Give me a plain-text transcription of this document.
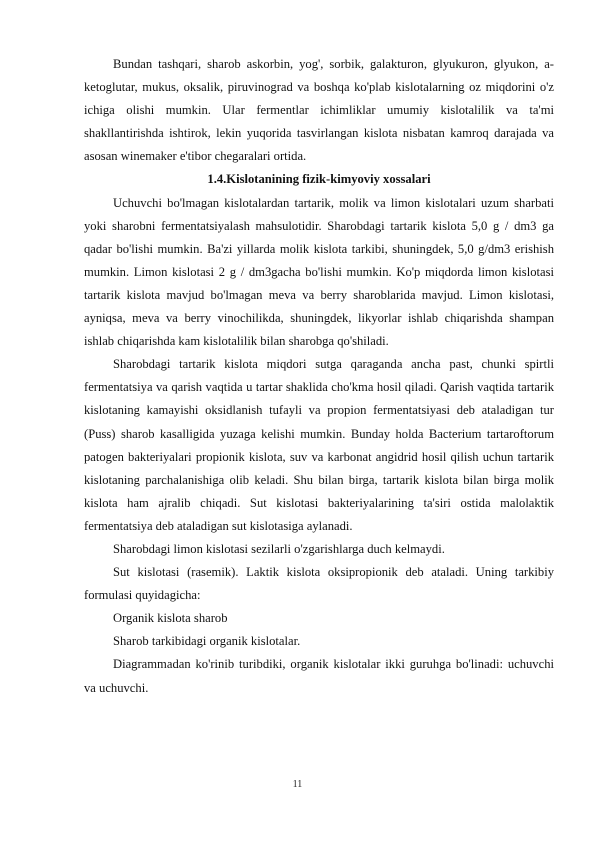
Bundan tashqari, sharob askorbin, yog', sorbik, galakturon, glyukuron, glyukon, a-ketoglutar, mukus, oksalik, piruvinograd va boshqa ko'plab kislotalarning oz miqdorini o'z ichiga olishi mumkin. Ular fermentlar ichimliklar umumiy kislotalilik va ta'mi shakllantirishda ishtirok, lekin yuqorida tasvirlangan kislota nisbatan kamroq darajada va asosan winemaker e'tibor chegaralari ortida.

1.4.Kislotanining fizik-kimyoviy xossalari

Uchuvchi bo'lmagan kislotalardan tartarik, molik va limon kislotalari uzum sharbati yoki sharobni fermentatsiyalash mahsulotidir. Sharobdagi tartarik kislota 5,0 g / dm3 ga qadar bo'lishi mumkin. Ba'zi yillarda molik kislota tarkibi, shuningdek, 5,0 g/dm3 erishish mumkin. Limon kislotasi 2 g / dm3gacha bo'lishi mumkin. Ko'p miqdorda limon kislotasi tartarik kislota mavjud bo'lmagan meva va berry sharoblarida mavjud. Limon kislotasi, ayniqsa, meva va berry vinochilikda, shuningdek, likyorlar ishlab chiqarishda shampan ishlab chiqarishda kam kislotalilik bilan sharobga qo'shiladi.

Sharobdagi tartarik kislota miqdori sutga qaraganda ancha past, chunki spirtli fermentatsiya va qarish vaqtida u tartar shaklida cho'kma hosil qiladi. Qarish vaqtida tartarik kislotaning kamayishi oksidlanish tufayli va propion fermentatsiyasi deb ataladigan tur (Puss) sharob kasalligida yuzaga kelishi mumkin. Bunday holda Bacterium tartaroftorum patogen bakteriyalari propionik kislota, suv va karbonat angidrid hosil qilish uchun tartarik kislotaning parchalanishiga olib keladi. Shu bilan birga, tartarik kislota bilan birga molik kislota ham ajralib chiqadi. Sut kislotasi bakteriyalarining ta'siri ostida malolaktik fermentatsiya deb ataladigan sut kislotasiga aylanadi.

Sharobdagi limon kislotasi sezilarli o'zgarishlarga duch kelmaydi.

Sut kislotasi (rasemik). Laktik kislota oksipropionik deb ataladi. Uning tarkibiy formulasi quyidagicha:

Organik kislota sharob

Sharob tarkibidagi organik kislotalar.

Diagrammadan ko'rinib turibdiki, organik kislotalar ikki guruhga bo'linadi: uchuvchi va uchuvchi.

11
